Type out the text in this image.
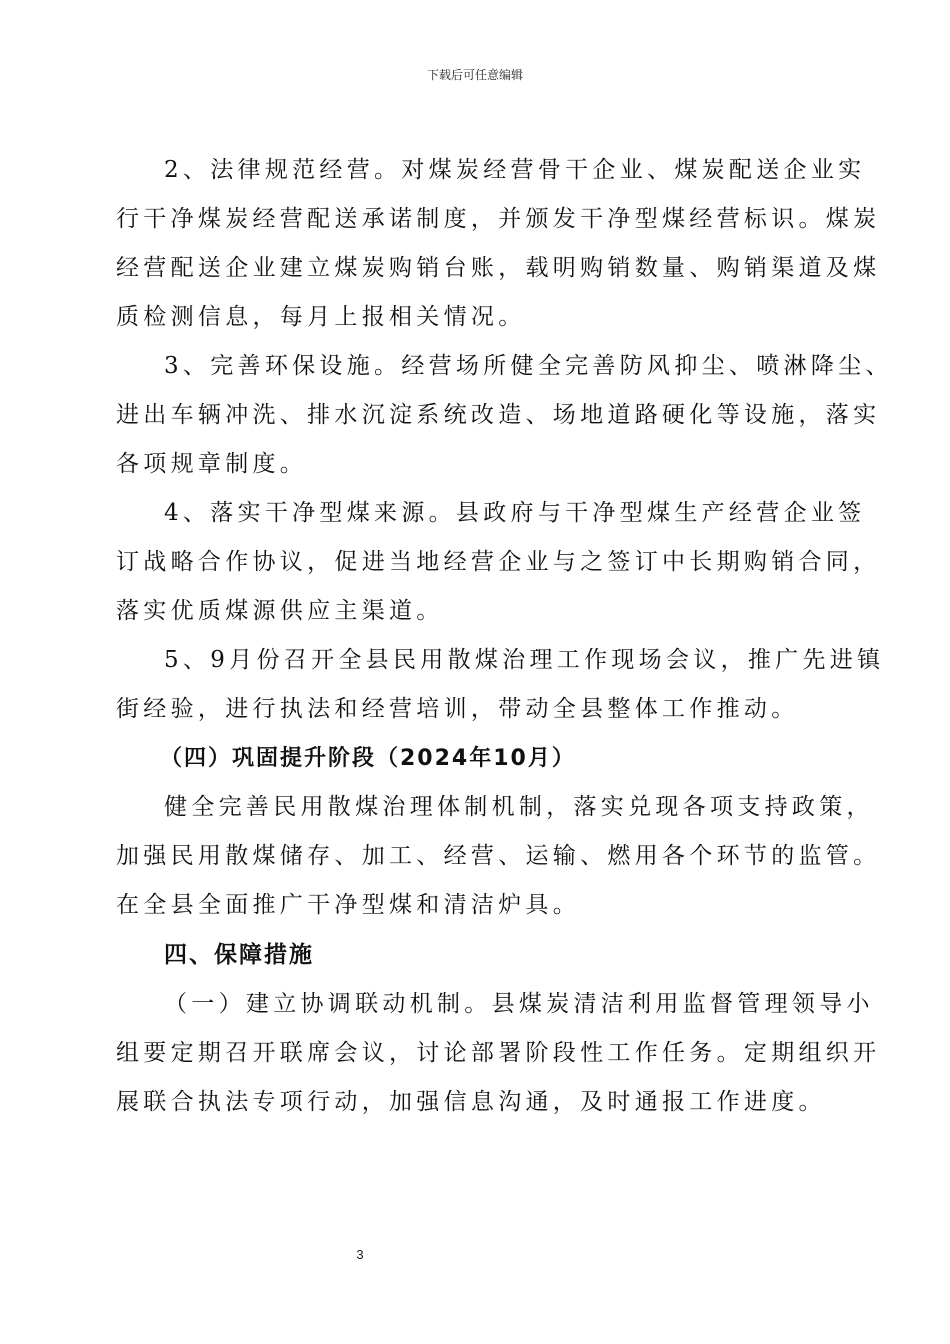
下载后可任意编辑
2、法律规范经营。对煤炭经营骨干企业、煤炭配送企业实
行干净煤炭经营配送承诺制度，并颁发干净型煤经营标识。煤炭
经营配送企业建立煤炭购销台账，载明购销数量、购销渠道及煤
质检测信息，每月上报相关情况。
3、完善环保设施。经营场所健全完善防风抑尘、喷淋降尘、
进出车辆冲洗、排水沉淀系统改造、场地道路硬化等设施，落实
各项规章制度。
4、落实干净型煤来源。县政府与干净型煤生产经营企业签
订战略合作协议，促进当地经营企业与之签订中长期购销合同，
落实优质煤源供应主渠道。
5、9月份召开全县民用散煤治理工作现场会议，推广先进镇
街经验，进行执法和经营培训，带动全县整体工作推动。
（四）巩固提升阶段（2024年10月）
健全完善民用散煤治理体制机制，落实兑现各项支持政策，
加强民用散煤储存、加工、经营、运输、燃用各个环节的监管。
在全县全面推广干净型煤和清洁炉具。
四、保障措施
（一）建立协调联动机制。县煤炭清洁利用监督管理领导小
组要定期召开联席会议，讨论部署阶段性工作任务。定期组织开
展联合执法专项行动，加强信息沟通，及时通报工作进度。
3
